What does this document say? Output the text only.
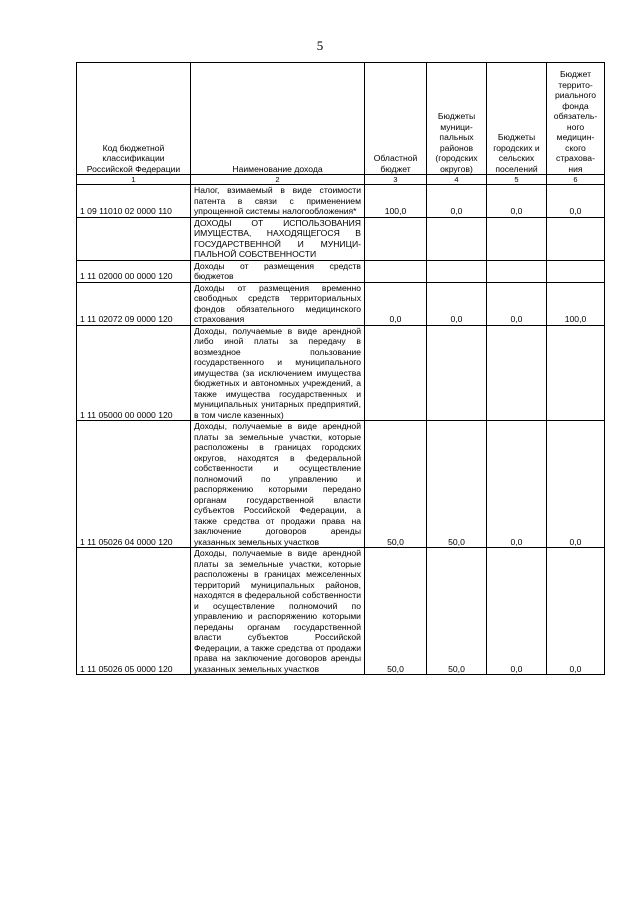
5
Код бюджетной классификации Российской Федерации	Наименование дохода	Областной бюджет	Бюджеты муници-пальных районов (городских округов)	Бюджеты городских и сельских поселений	Бюджет террито-риального фонда обязатель-ного медицин-ского страхова-ния
1	2	3	4	5	6
1 09 11010 02 0000 110	Налог, взимаемый в виде стоимости патента в связи с применением упрощенной системы налогообложения*	100,0	0,0	0,0	0,0
	ДОХОДЫ ОТ ИСПОЛЬЗОВАНИЯ ИМУЩЕСТВА, НАХОДЯЩЕГОСЯ В ГОСУДАРСТВЕННОЙ И МУНИЦИ-ПАЛЬНОЙ СОБСТВЕННОСТИ				
1 11 02000 00 0000 120	Доходы от размещения средств бюджетов				
1 11 02072 09 0000 120	Доходы от размещения временно свободных средств территориальных фондов обязательного медицинского страхования	0,0	0,0	0,0	100,0
1 11 05000 00 0000 120	Доходы, получаемые в виде арендной либо иной платы за передачу в возмездное пользование государственного и муниципального имущества (за исключением имущества бюджетных и автономных учреждений, а также имущества государственных и муниципальных унитарных предприятий, в том числе казенных)				
1 11 05026 04 0000 120	Доходы, получаемые в виде арендной платы за земельные участки, которые расположены в границах городских округов, находятся в федеральной собственности и осуществление полномочий по управлению и распоряжению которыми передано органам государственной власти субъектов Российской Федерации, а также средства от продажи права на заключение договоров аренды указанных земельных участков	50,0	50,0	0,0	0,0
1 11 05026 05 0000 120	Доходы, получаемые в виде арендной платы за земельные участки, которые расположены в границах межселенных территорий муниципальных районов, находятся в федеральной собственности и осуществление полномочий по управлению и распоряжению которыми переданы органам государственной власти субъектов Российской Федерации, а также средства от продажи права на заключение договоров аренды указанных земельных участков	50,0	50,0	0,0	0,0
